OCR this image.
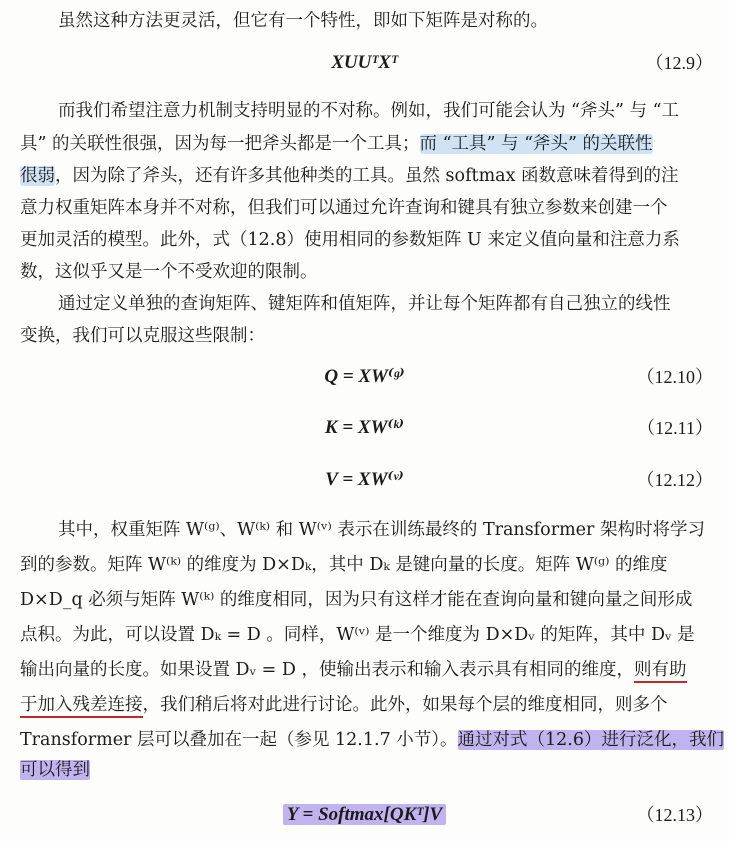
虽然这种方法更灵活，但它有一个特性，即如下矩阵是对称的。
XUUᵀXᵀ	（12.9）
而我们希望注意力机制支持明显的不对称。例如，我们可能会认为 “斧头” 与 “工
具” 的关联性很强，因为每一把斧头都是一个工具；而 “工具” 与 “斧头” 的关联性
很弱，因为除了斧头，还有许多其他种类的工具。虽然 softmax 函数意味着得到的注
意力权重矩阵本身并不对称，但我们可以通过允许查询和键具有独立参数来创建一个
更加灵活的模型。此外，式（12.8）使用相同的参数矩阵 U 来定义值向量和注意力系
数，这似乎又是一个不受欢迎的限制。
通过定义单独的查询矩阵、键矩阵和值矩阵，并让每个矩阵都有自己独立的线性
变换，我们可以克服这些限制：
Q = XW⁽ᵍ⁾	（12.10）
K = XW⁽ᵏ⁾	（12.11）
V = XW⁽ᵛ⁾	（12.12）
其中，权重矩阵 W⁽ᵍ⁾、W⁽ᵏ⁾ 和 W⁽ᵛ⁾ 表示在训练最终的 Transformer 架构时将学习
到的参数。矩阵 W⁽ᵏ⁾ 的维度为 D×Dₖ，其中 Dₖ 是键向量的长度。矩阵 W⁽ᵍ⁾ 的维度
D×D_q 必须与矩阵 W⁽ᵏ⁾ 的维度相同，因为只有这样才能在查询向量和键向量之间形成
点积。为此，可以设置 Dₖ = D 。同样，W⁽ᵛ⁾ 是一个维度为 D×Dᵥ 的矩阵，其中 Dᵥ 是
输出向量的长度。如果设置 Dᵥ = D ，使输出表示和输入表示具有相同的维度，则有助
于加入残差连接，我们稍后将对此进行讨论。此外，如果每个层的维度相同，则多个
Transformer 层可以叠加在一起（参见 12.1.7 小节）。通过对式（12.6）进行泛化，我们
可以得到
Y = Softmax[QKᵀ]V	（12.13）
